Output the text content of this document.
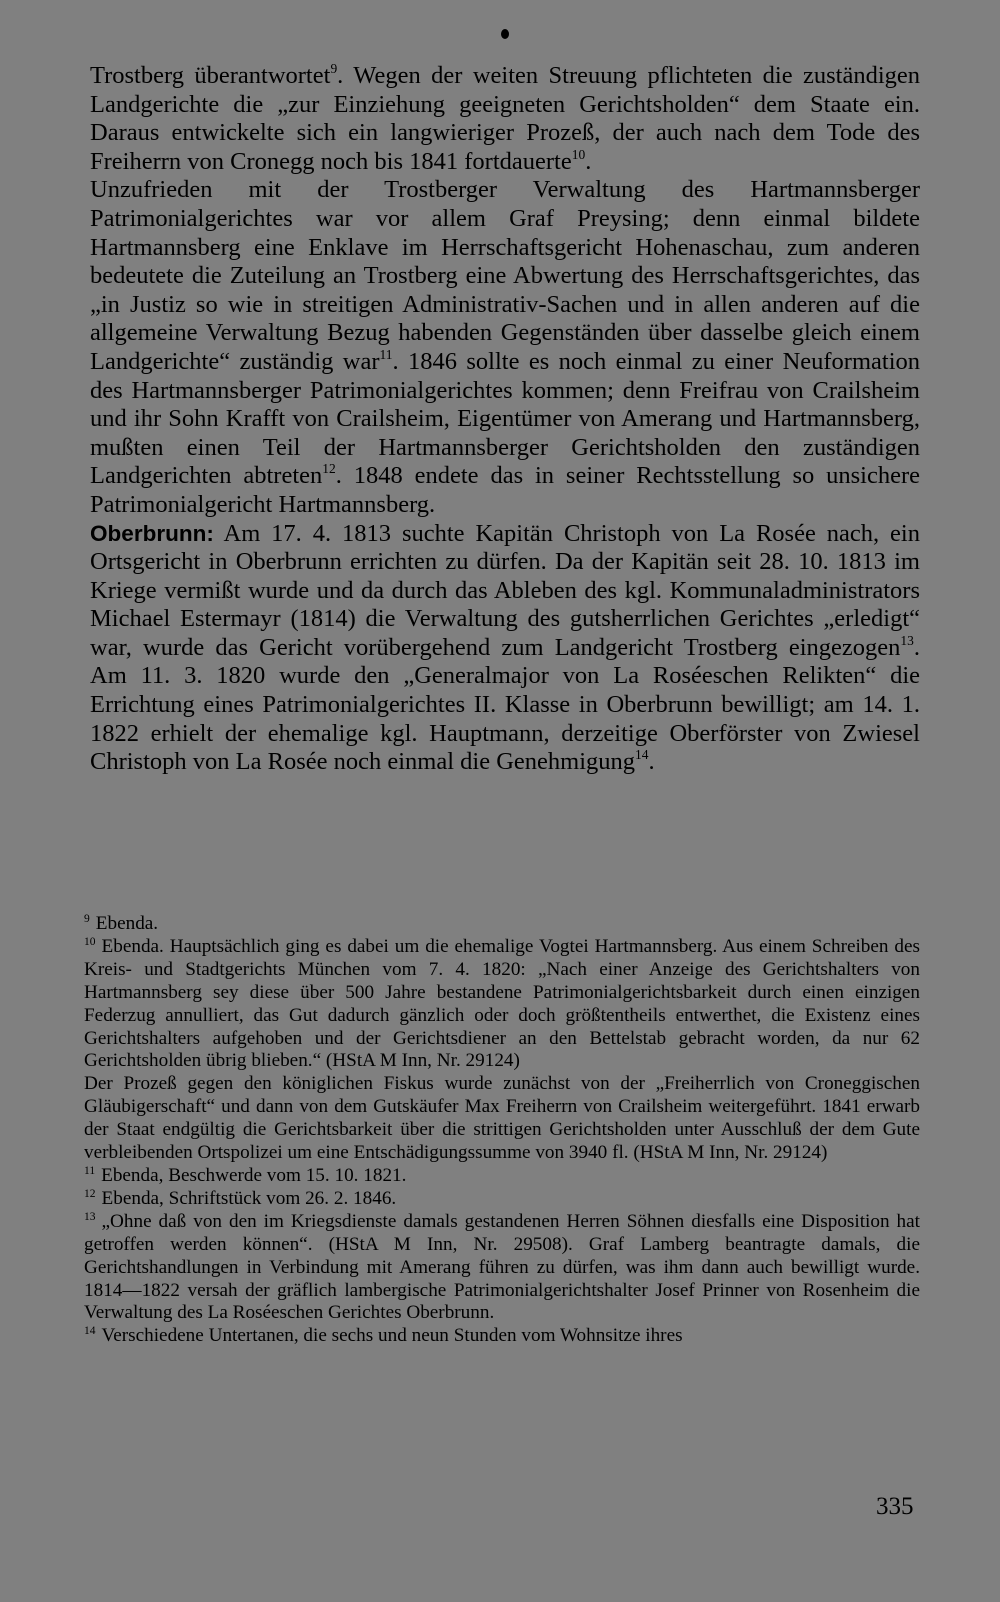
Trostberg überantwortet$^9$. Wegen der weiten Streuung pflichteten die zuständigen Landgerichte die „zur Einziehung geeigneten Gerichtsholden“ dem Staate ein. Daraus entwickelte sich ein langwieriger Prozeß, der auch nach dem Tode des Freiherrn von Cronegg noch bis 1841 fortdauerte$^{10}$.

Unzufrieden mit der Trostberger Verwaltung des Hartmannsberger Patrimonialgerichtes war vor allem Graf Preysing; denn einmal bildete Hartmannsberg eine Enklave im Herrschaftsgericht Hohenaschau, zum anderen bedeutete die Zuteilung an Trostberg eine Abwertung des Herrschaftsgerichtes, das „in Justiz so wie in streitigen Administrativ-Sachen und in allen anderen auf die allgemeine Verwaltung Bezug habenden Gegenständen über dasselbe gleich einem Landgerichte“ zuständig war$^{11}$. 1846 sollte es noch einmal zu einer Neuformation des Hartmannsberger Patrimonialgerichtes kommen; denn Freifrau von Crailsheim und ihr Sohn Krafft von Crailsheim, Eigentümer von Amerang und Hartmannsberg, mußten einen Teil der Hartmannsberger Gerichtsholden den zuständigen Landgerichten abtreten$^{12}$. 1848 endete das in seiner Rechtsstellung so unsichere Patrimonialgericht Hartmannsberg.

Oberbrunn: Am 17. 4. 1813 suchte Kapitän Christoph von La Rosée nach, ein Ortsgericht in Oberbrunn errichten zu dürfen. Da der Kapitän seit 28. 10. 1813 im Kriege vermißt wurde und da durch das Ableben des kgl. Kommunaladministrators Michael Estermayr (1814) die Verwaltung des gutsherrlichen Gerichtes „erledigt“ war, wurde das Gericht vorübergehend zum Landgericht Trostberg eingezogen$^{13}$. Am 11. 3. 1820 wurde den „Generalmajor von La Roséeschen Relikten“ die Errichtung eines Patrimonialgerichtes II. Klasse in Oberbrunn bewilligt; am 14. 1. 1822 erhielt der ehemalige kgl. Hauptmann, derzeitige Oberförster von Zwiesel Christoph von La Rosée noch einmal die Genehmigung$^{14}$.

$^9$ Ebenda.

$^{10}$ Ebenda. Hauptsächlich ging es dabei um die ehemalige Vogtei Hartmannsberg. Aus einem Schreiben des Kreis- und Stadtgerichts München vom 7. 4. 1820: „Nach einer Anzeige des Gerichtshalters von Hartmannsberg sey diese über 500 Jahre bestandene Patrimonialgerichtsbarkeit durch einen einzigen Federzug annulliert, das Gut dadurch gänzlich oder doch größtentheils entwerthet, die Existenz eines Gerichtshalters aufgehoben und der Gerichtsdiener an den Bettelstab gebracht worden, da nur 62 Gerichtsholden übrig blieben.“ (HStA M Inn, Nr. 29124)

Der Prozeß gegen den königlichen Fiskus wurde zunächst von der „Freiherrlich von Croneggischen Gläubigerschaft“ und dann von dem Gutskäufer Max Freiherrn von Crailsheim weitergeführt. 1841 erwarb der Staat endgültig die Gerichtsbarkeit über die strittigen Gerichtsholden unter Ausschluß der dem Gute verbleibenden Ortspolizei um eine Entschädigungssumme von 3940 fl. (HStA M Inn, Nr. 29124)

$^{11}$ Ebenda, Beschwerde vom 15. 10. 1821.

$^{12}$ Ebenda, Schriftstück vom 26. 2. 1846.

$^{13}$ „Ohne daß von den im Kriegsdienste damals gestandenen Herren Söhnen diesfalls eine Disposition hat getroffen werden können“. (HStA M Inn, Nr. 29508). Graf Lamberg beantragte damals, die Gerichtshandlungen in Verbindung mit Amerang führen zu dürfen, was ihm dann auch bewilligt wurde. 1814—1822 versah der gräflich lambergische Patrimonialgerichtshalter Josef Prinner von Rosenheim die Verwaltung des La Roséeschen Gerichtes Oberbrunn.

$^{14}$ Verschiedene Untertanen, die sechs und neun Stunden vom Wohnsitze ihres

335
